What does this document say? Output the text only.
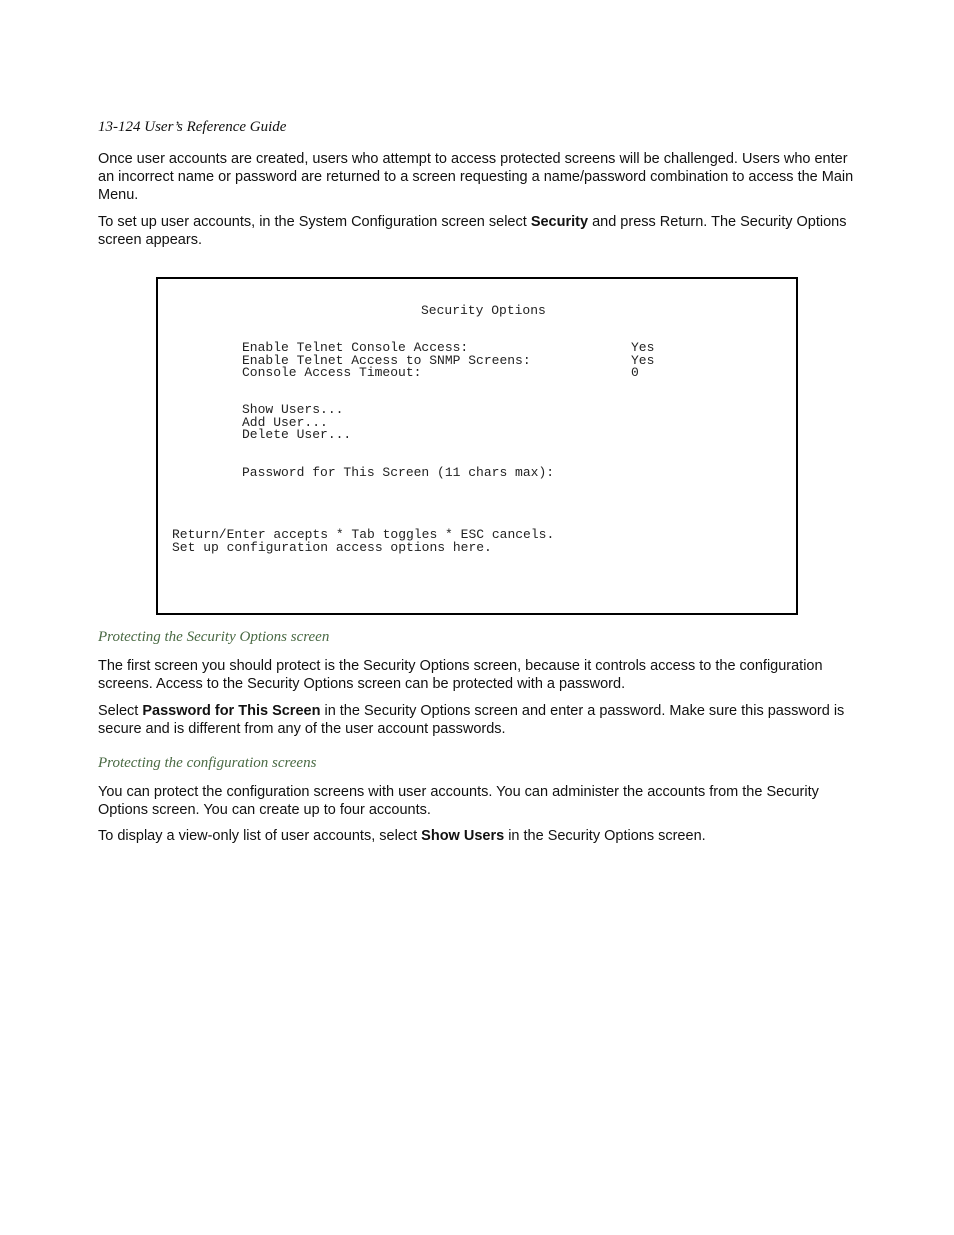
13-124 User’s Reference Guide

Once user accounts are created, users who attempt to access protected screens will be challenged. Users who enter an incorrect name or password are returned to a screen requesting a name/password combination to access the Main Menu.

To set up user accounts, in the System Configuration screen select Security and press Return. The Security Options screen appears.

Security Options
Enable Telnet Console Access:	Yes
Enable Telnet Access to SNMP Screens:	Yes
Console Access Timeout:	0
Show Users...
Add User...
Delete User...
Password for This Screen (11 chars max):
Return/Enter accepts * Tab toggles * ESC cancels.
Set up configuration access options here.
Protecting the Security Options screen

The first screen you should protect is the Security Options screen, because it controls access to the configuration screens. Access to the Security Options screen can be protected with a password.

Select Password for This Screen in the Security Options screen and enter a password. Make sure this password is secure and is different from any of the user account passwords.

Protecting the configuration screens

You can protect the configuration screens with user accounts. You can administer the accounts from the Security Options screen. You can create up to four accounts.

To display a view-only list of user accounts, select Show Users in the Security Options screen.
